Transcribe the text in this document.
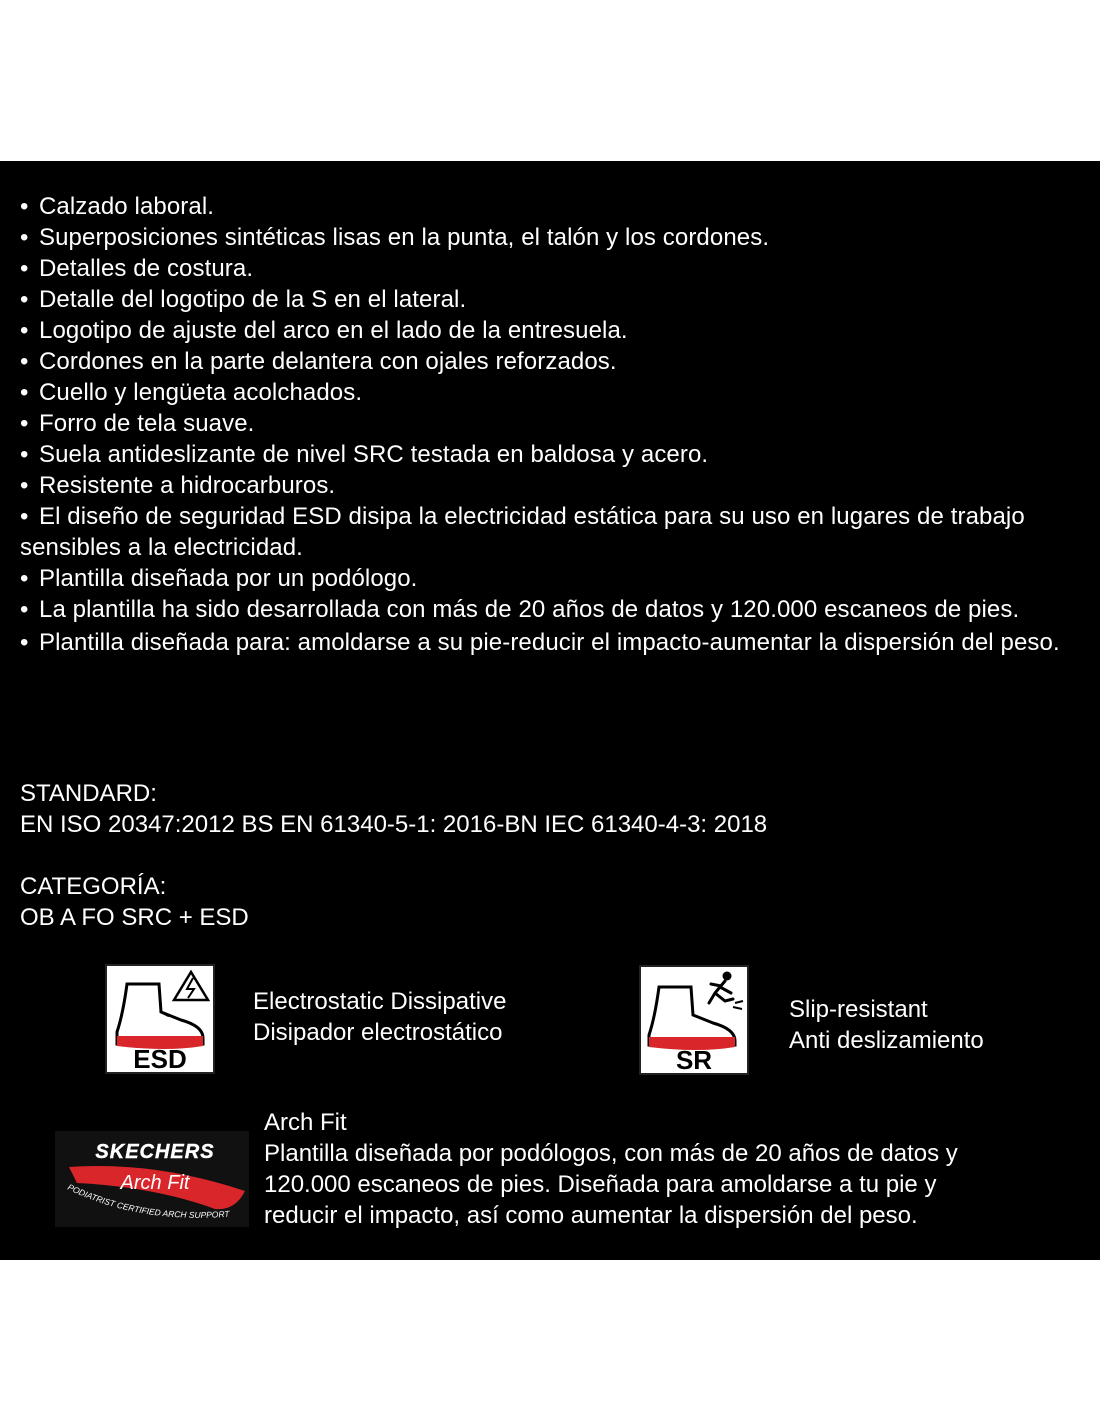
• Calzado laboral.
• Superposiciones sintéticas lisas en la punta, el talón y los cordones.
• Detalles de costura.
• Detalle del logotipo de la S en el lateral.
• Logotipo de ajuste del arco en el lado de la entresuela.
• Cordones en la parte delantera con ojales reforzados.
• Cuello y lengüeta acolchados.
• Forro de tela suave.
• Suela antideslizante de nivel SRC testada en baldosa y acero.
• Resistente a hidrocarburos.
• El diseño de seguridad ESD disipa la electricidad estática para su uso en lugares de trabajo sensibles a la electricidad.
• Plantilla diseñada por un podólogo.
• La plantilla ha sido desarrollada con más de 20 años de datos y 120.000 escaneos de pies.
• Plantilla diseñada para: amoldarse a su pie-reducir el impacto-aumentar la dispersión del peso.
STANDARD:
EN ISO 20347:2012 BS EN 61340-5-1: 2016-BN IEC 61340-4-3: 2018
CATEGORÍA:
OB A FO SRC + ESD
ESD
Electrostatic Dissipative
Disipador electrostático
SR
Slip-resistant
Anti deslizamiento
SKECHERS
Arch Fit
PODIATRIST CERTIFIED ARCH SUPPORT
Arch Fit
Plantilla diseñada por podólogos, con más de 20 años de datos y
120.000 escaneos de pies. Diseñada para amoldarse a tu pie y
reducir el impacto, así como aumentar la dispersión del peso.
